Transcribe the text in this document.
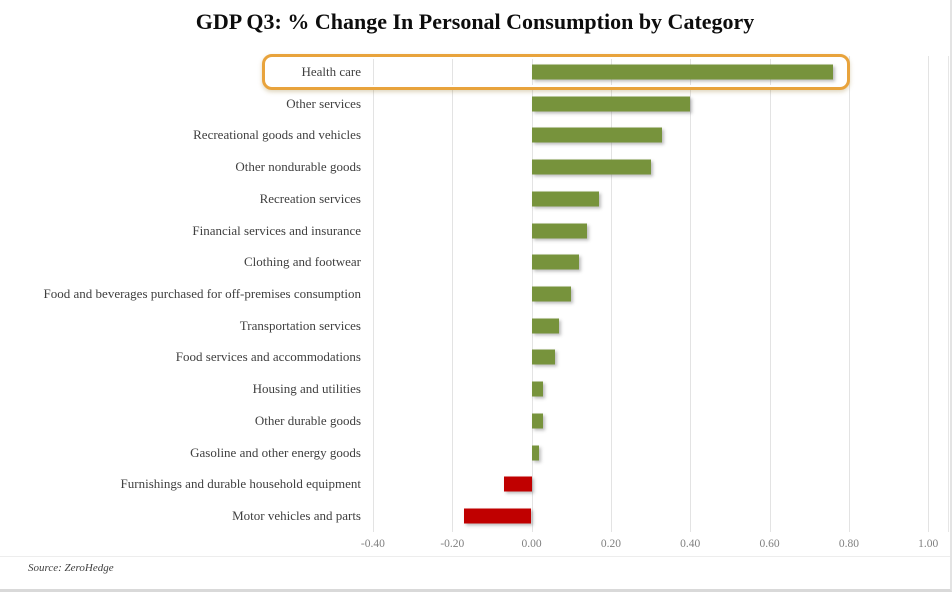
GDP Q3: % Change In Personal Consumption by Category
Health care
Other services
Recreational goods and vehicles
Other nondurable goods
Recreation services
Financial services and insurance
Clothing and footwear
Food and beverages purchased for off-premises consumption
Transportation services
Food services and accommodations
Housing and utilities
Other durable goods
Gasoline and other energy goods
Furnishings and durable household equipment
Motor vehicles and parts
-0.40	-0.20	0.00	0.20	0.40	0.60	0.80	1.00
Source: ZeroHedge
